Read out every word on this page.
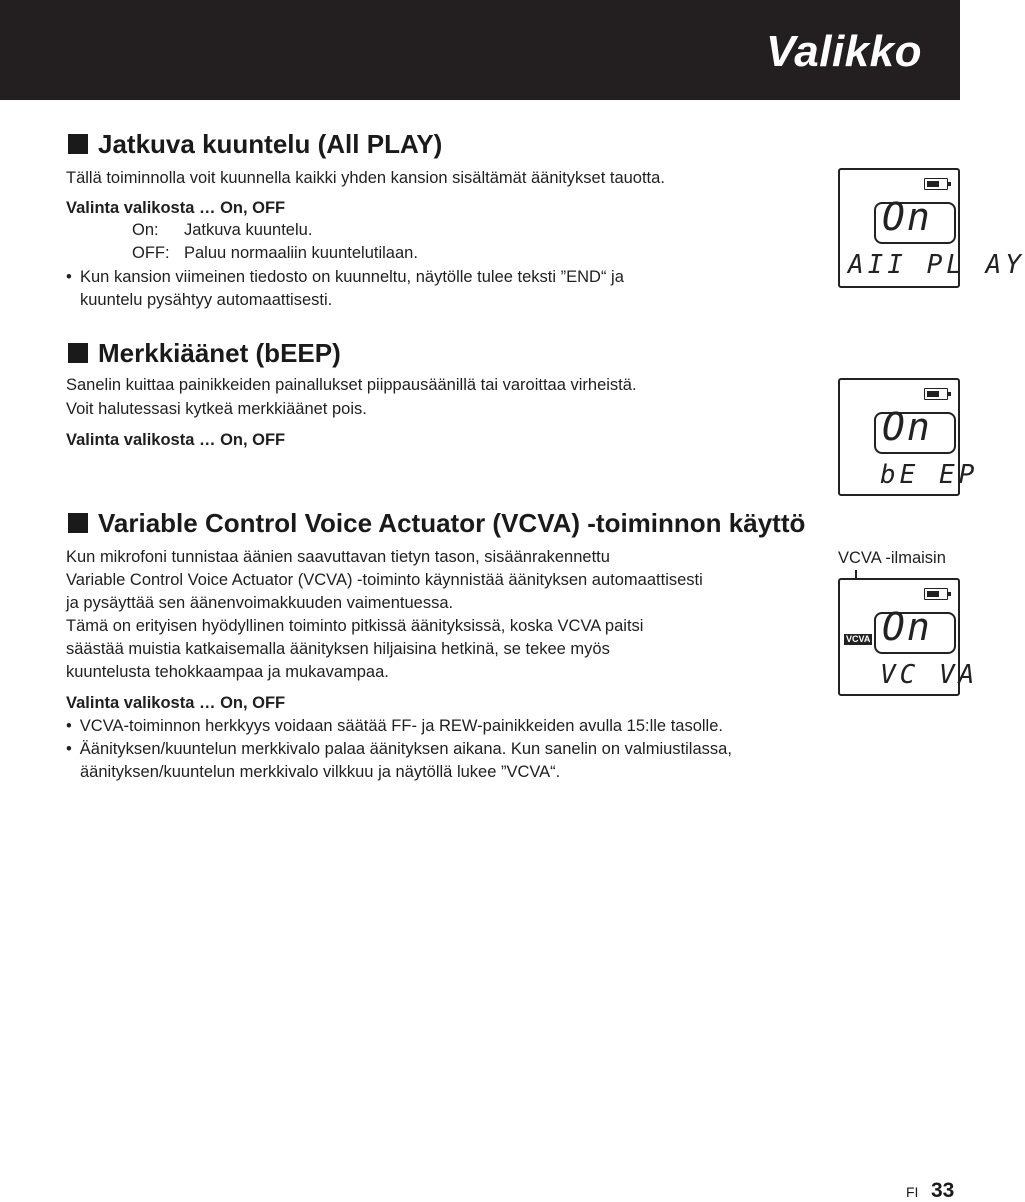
Valikko
Jatkuva kuuntelu (All PLAY)
Tällä toiminnolla voit kuunnella kaikki yhden kansion sisältämät äänitykset tauotta.
Valinta valikosta … On, OFF
On: Jatkuva kuuntelu.
OFF: Paluu normaaliin kuuntelutilaan.
• Kun kansion viimeinen tiedosto on kuunneltu, näytölle tulee teksti ”END“ ja
kuuntelu pysähtyy automaattisesti.
On
AII PL AY
Merkkiäänet (bEEP)
Sanelin kuittaa painikkeiden painallukset piippausäänillä tai varoittaa virheistä.
Voit halutessasi kytkeä merkkiäänet pois.
Valinta valikosta … On, OFF	On
bE EP
Variable Control Voice Actuator (VCVA) -toiminnon käyttö
Kun mikrofoni tunnistaa äänien saavuttavan tietyn tason, sisäänrakennettu
Variable Control Voice Actuator (VCVA) -toiminto käynnistää äänityksen automaattisesti
ja pysäyttää sen äänenvoimakkuuden vaimentuessa.
Tämä on erityisen hyödyllinen toiminto pitkissä äänityksissä, koska VCVA paitsi
säästää muistia katkaisemalla äänityksen hiljaisina hetkinä, se tekee myös
kuuntelusta tehokkaampaa ja mukavampaa.
Valinta valikosta … On, OFF
• VCVA-toiminnon herkkyys voidaan säätää FF- ja REW-painikkeiden avulla 15:lle tasolle.
• Äänityksen/kuuntelun merkkivalo palaa äänityksen aikana. Kun sanelin on valmiustilassa,
äänityksen/kuuntelun merkkivalo vilkkuu ja näytöllä lukee ”VCVA“.
VCVA -ilmaisin
VCVA On
VC VA
FI 33
